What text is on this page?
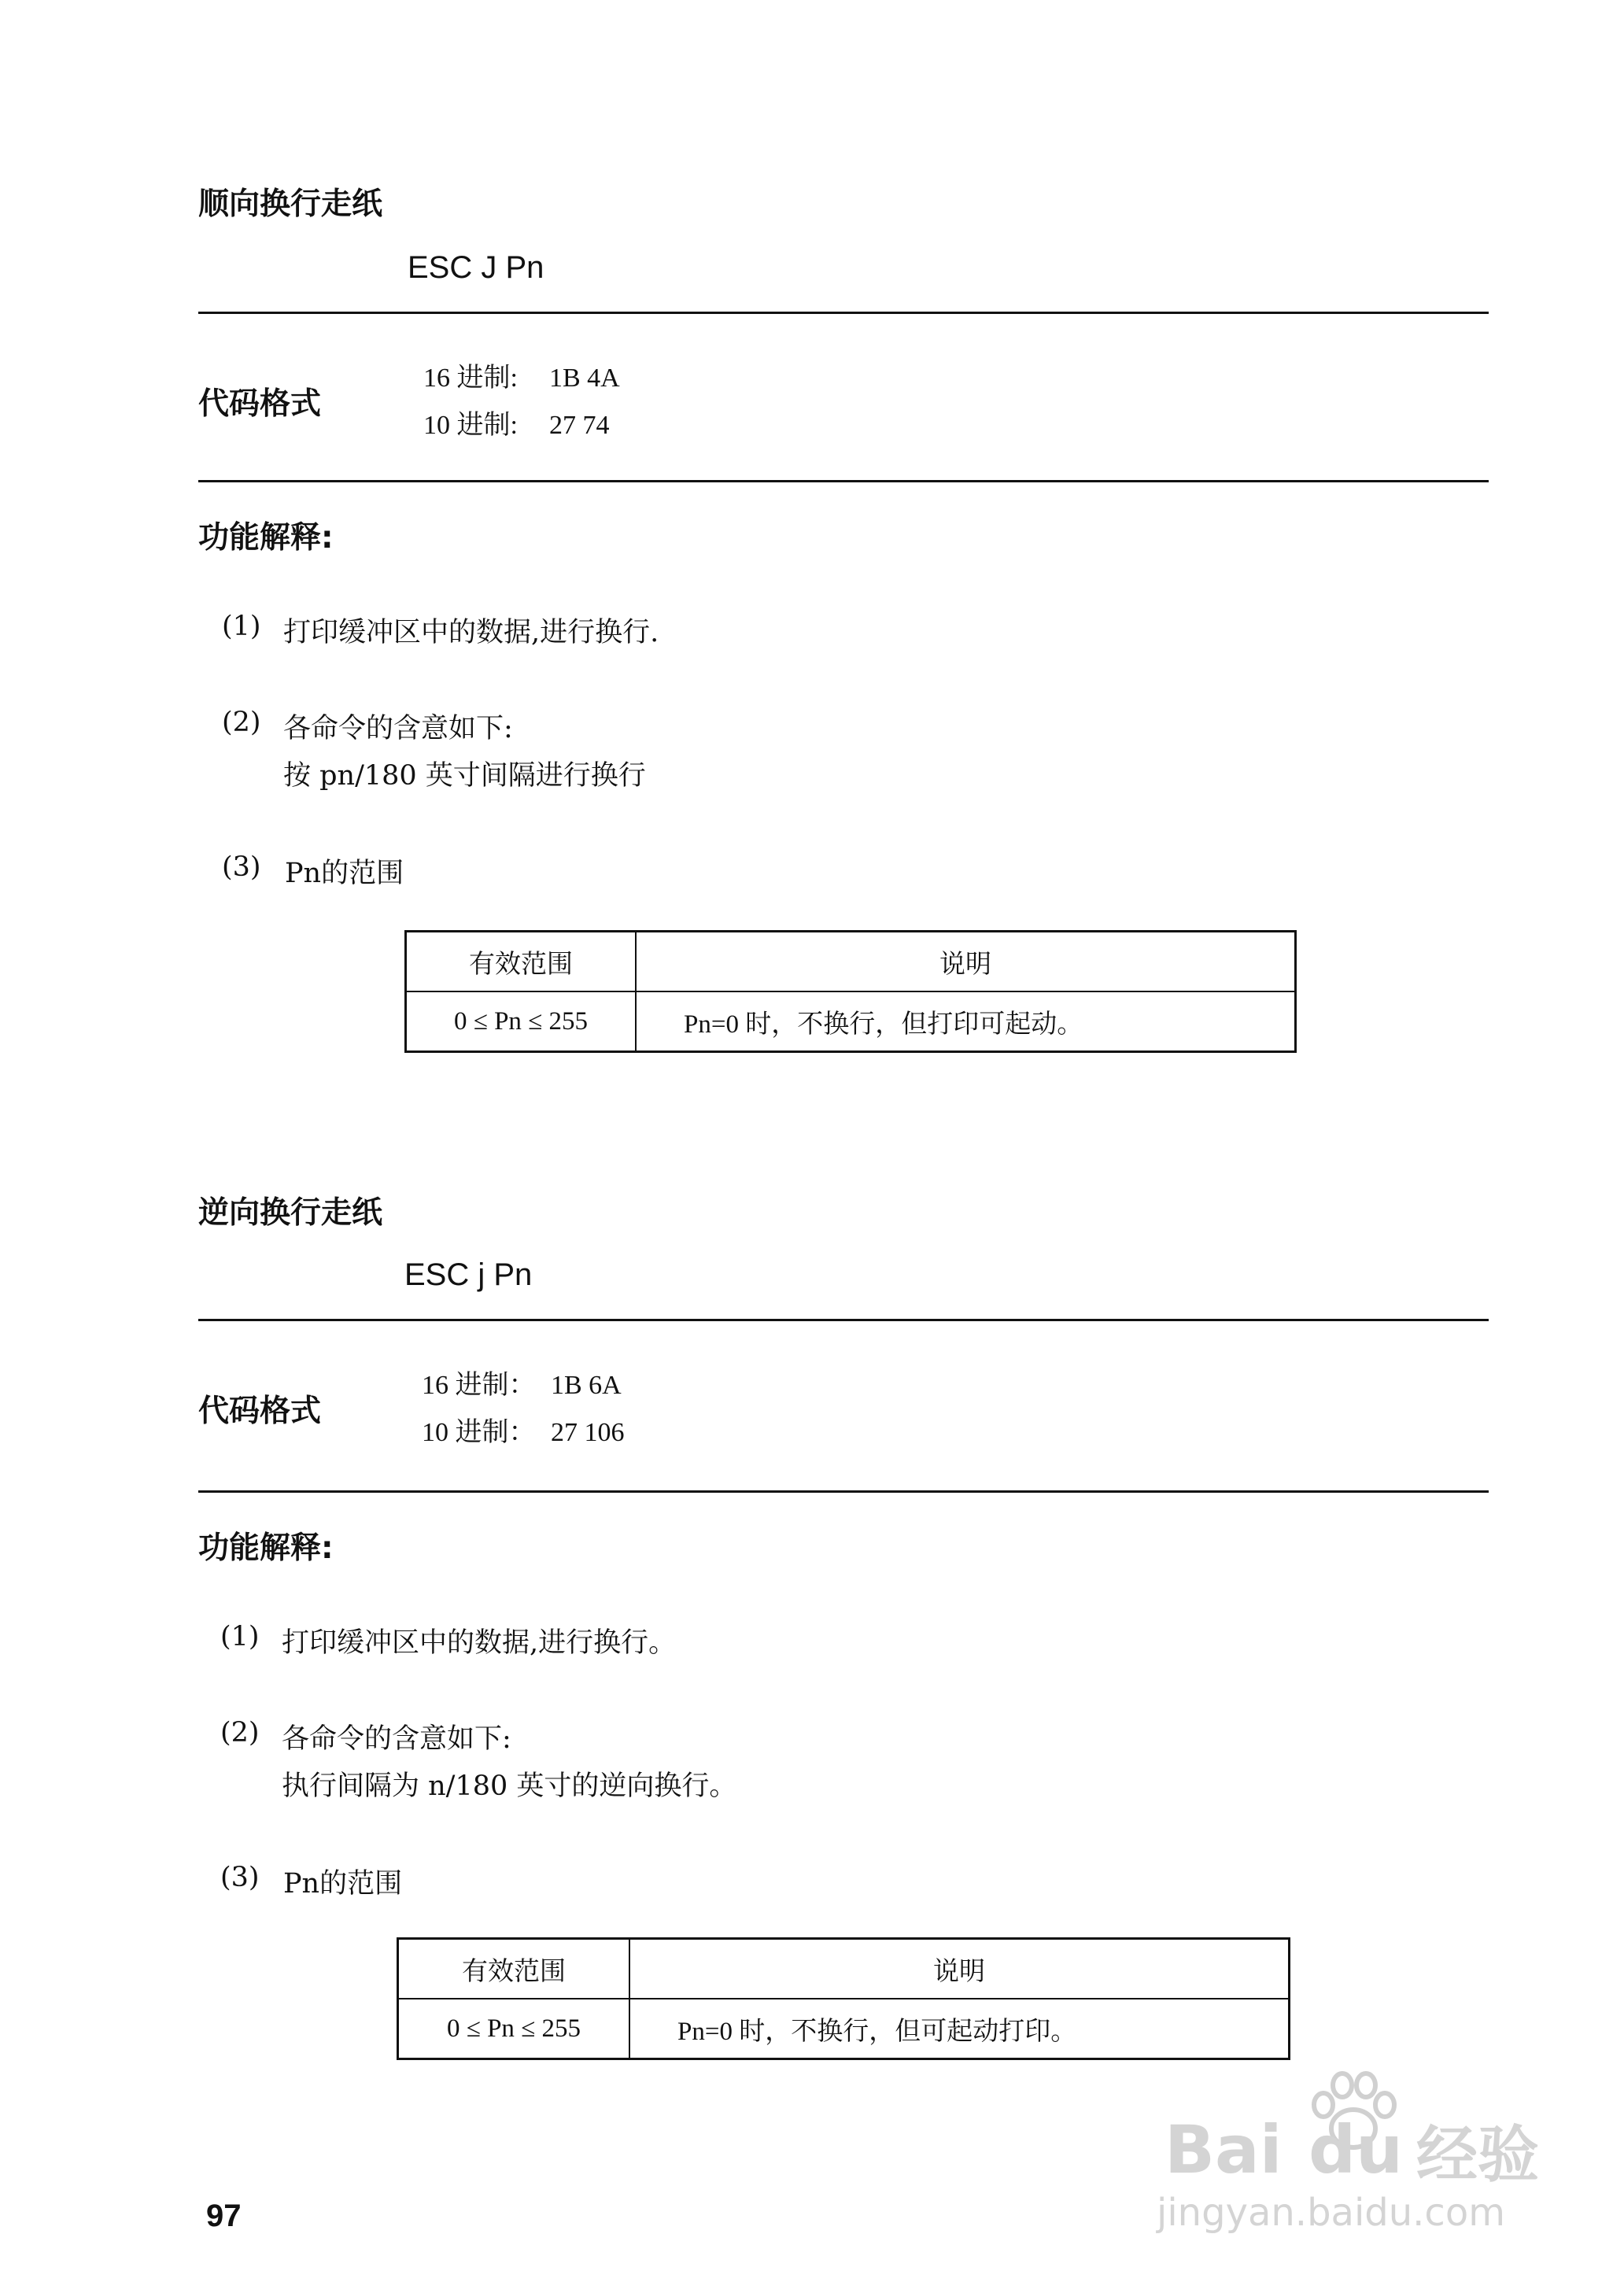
顺向换行走纸
ESC J Pn
代码格式
16 进制: 1B 4A
10 进制: 27 74
功能解释:
(1) 打印缓冲区中的数据,进行换行.
(2) 各命令的含意如下:
按 pn/180 英寸间隔进行换行
(3) Pn的范围
有效范围	说明
0 ≤ Pn ≤ 255	Pn=0 时，不换行，但打印可起动。
逆向换行走纸
ESC j Pn
代码格式
16 进制： 1B 6A
10 进制： 27 106
功能解释:
(1) 打印缓冲区中的数据,进行换行。
(2) 各命令的含意如下:
执行间隔为 n/180 英寸的逆向换行。
(3) Pn的范围
有效范围	说明
0 ≤ Pn ≤ 255	Pn=0 时，不换行，但可起动打印。
97
Bai du 经验
jingyan.baidu.com
